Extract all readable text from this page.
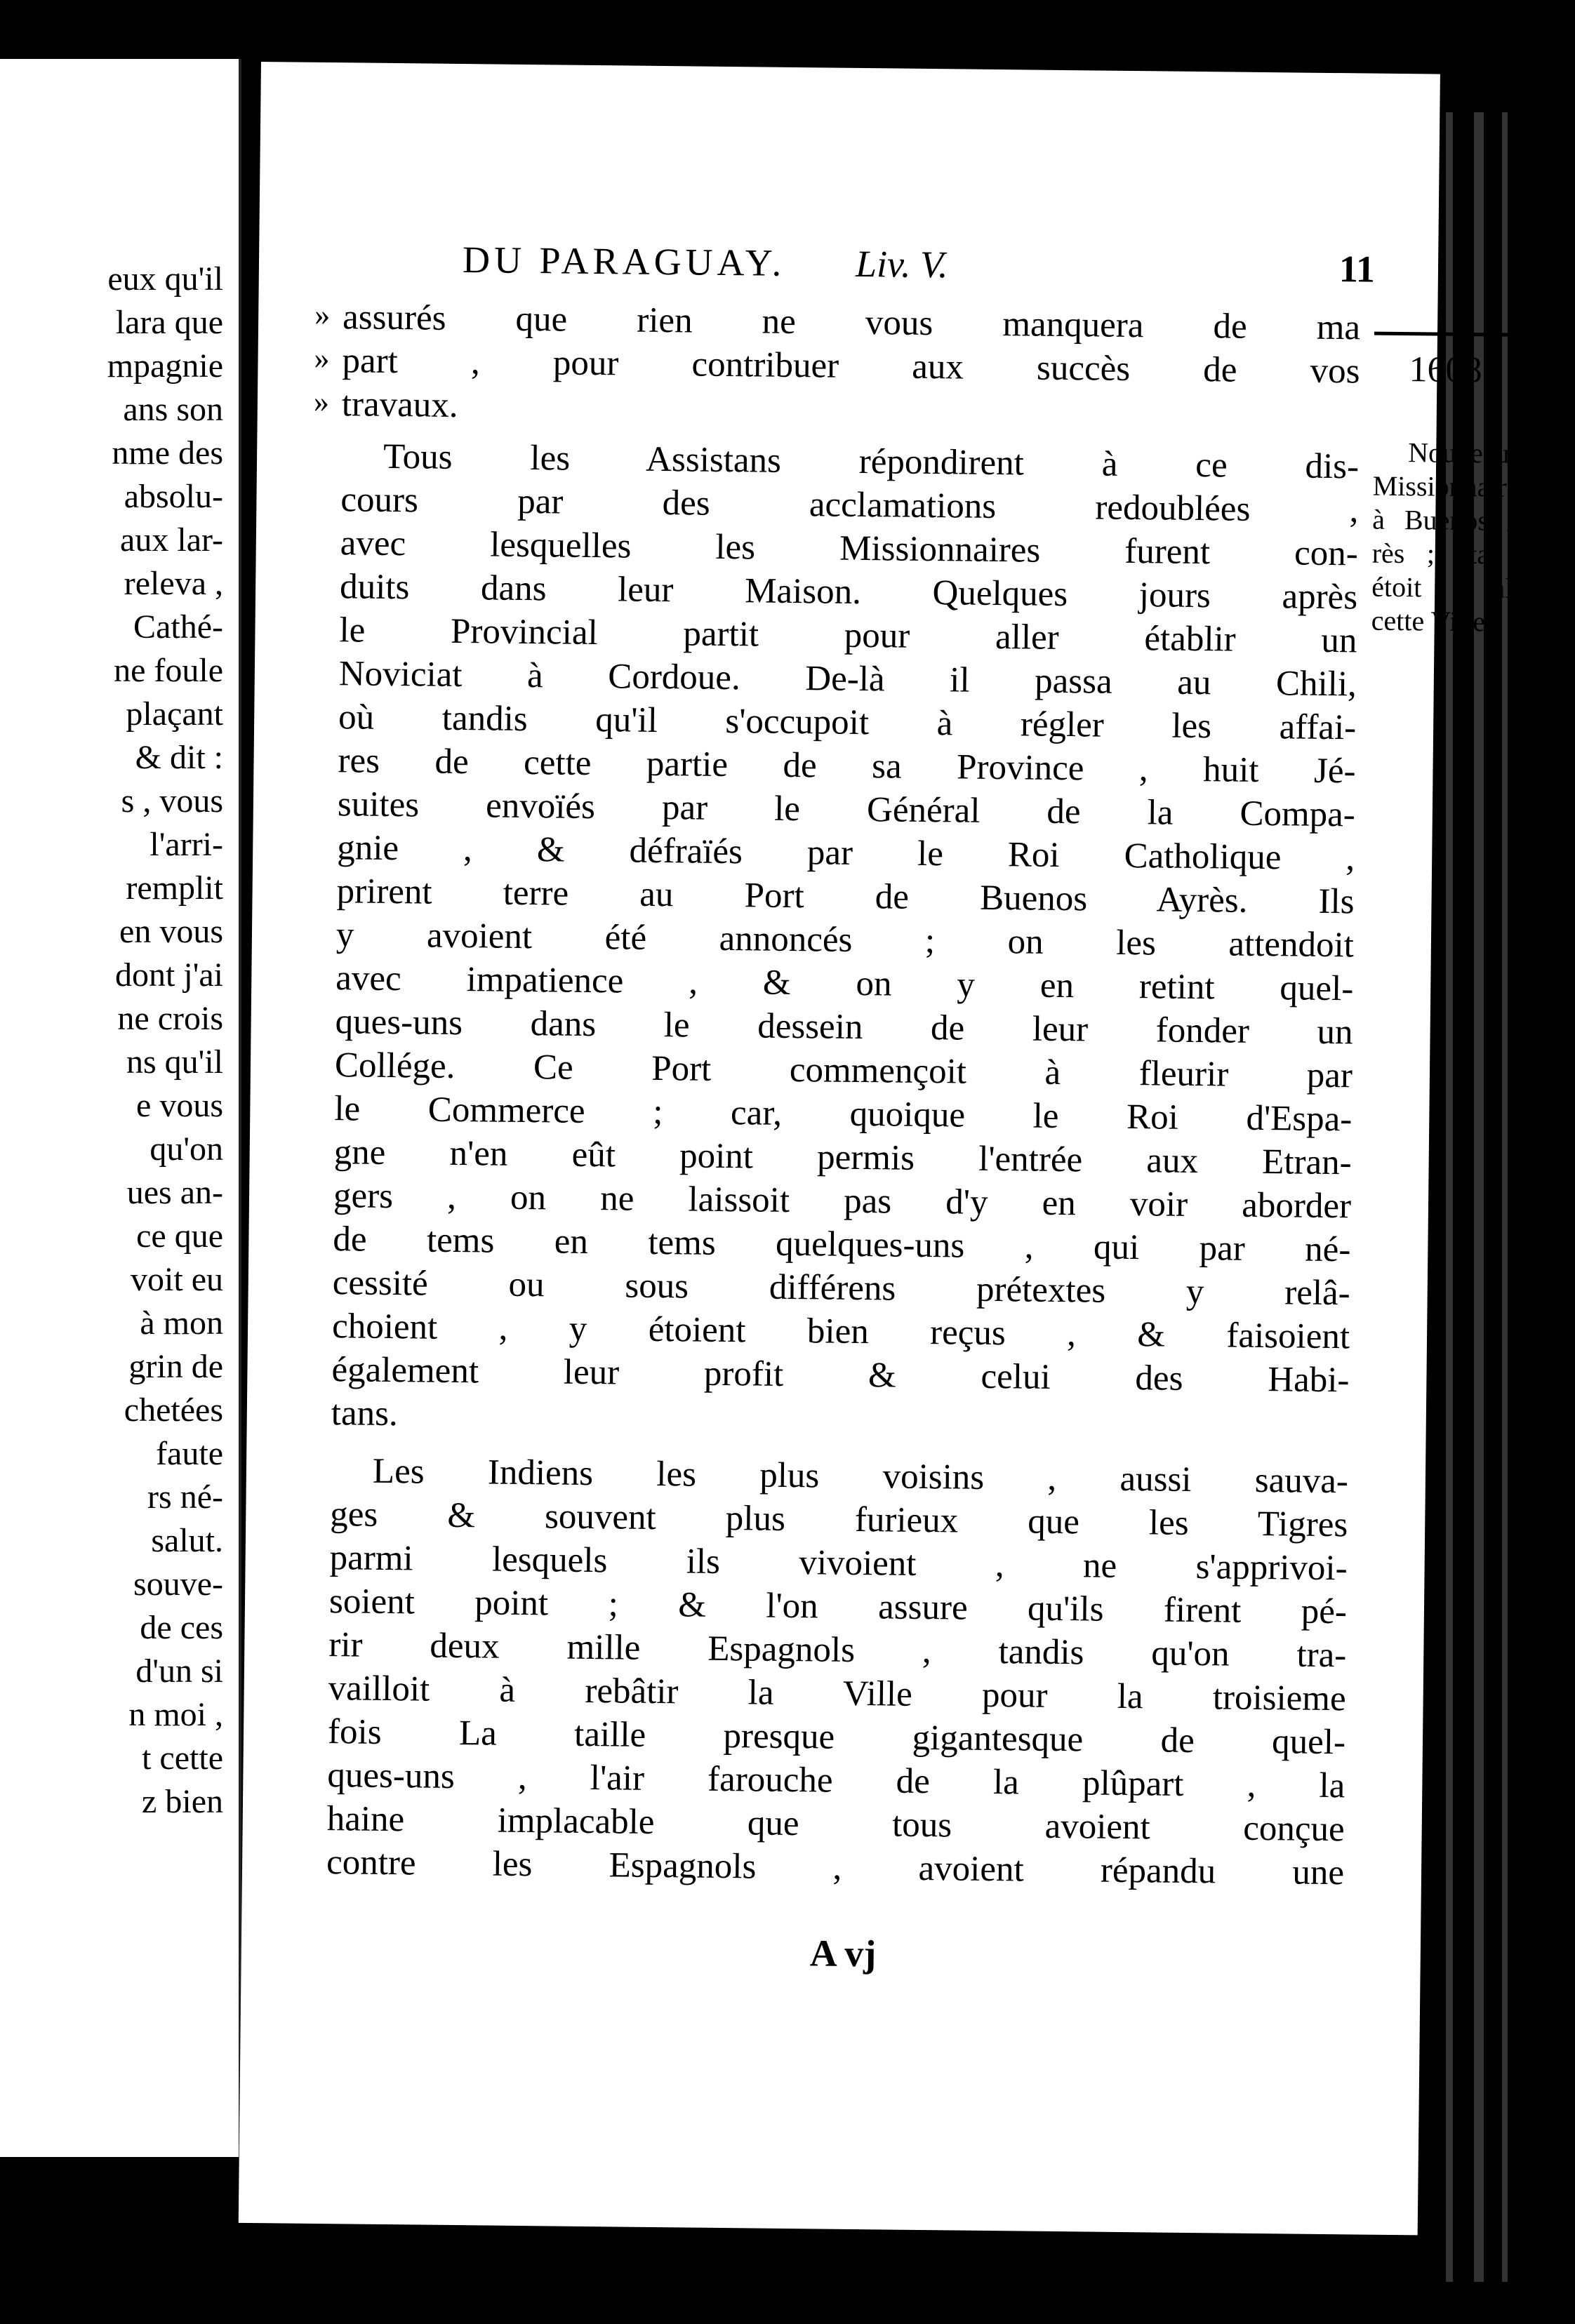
eux qu'il
lara que
mpagnie
ans son
nme des
absolu-
aux lar-
releva ,
Cathé-
ne foule
plaçant
& dit :
s , vous
l'arri-
remplit
en vous
dont j'ai
ne crois
ns qu'il
e vous
qu'on
ues an-
ce que
voit eu
à mon
grin de
chetées
faute
rs né-
salut.
souve-
de ces
d'un si
n moi ,
t cette
z bien
DU PARAGUAY. Liv. V.	11
»
»
»
assurés que rien ne vous manquera de ma
part , pour contribuer aux succès de vos
travaux.
Tous les Assistans répondirent à ce dis-
cours par des acclamations redoublées ,
avec lesquelles les Missionnaires furent con-
duits dans leur Maison. Quelques jours après
le Provincial partit pour aller établir un
Noviciat à Cordoue. De-là il passa au Chili,
où tandis qu'il s'occupoit à régler les affai-
res de cette partie de sa Province , huit Jé-
suites envoïés par le Général de la Compa-
gnie , & défraïés par le Roi Catholique ,
prirent terre au Port de Buenos Ayrès. Ils
y avoient été annoncés ; on les attendoit
avec impatience , & on y en retint quel-
ques-uns dans le dessein de leur fonder un
Collége. Ce Port commençoit à fleurir par
le Commerce ; car, quoique le Roi d'Espa-
gne n'en eût point permis l'entrée aux Etran-
gers , on ne laissoit pas d'y en voir aborder
de tems en tems quelques-uns , qui par né-
cessité ou sous différens prétextes y relâ-
choient , y étoient bien reçus , & faisoient
également leur profit & celui des Habi-
tans.
Les Indiens les plus voisins , aussi sauva-
ges & souvent plus furieux que les Tigres
parmi lesquels ils vivoient , ne s'apprivoi-
soient point ; & l'on assure qu'ils firent pé-
rir deux mille Espagnols , tandis qu'on tra-
vailloit à rebâtir la Ville pour la troisieme
fois La taille presque gigantesque de quel-
ques-uns , l'air farouche de la plûpart , la
haine implacable que tous avoient conçue
contre les Espagnols , avoient répandu une
1608.
Nouveaux
Missionnaires
à Buenos Ay-
rès ; état où
étoit alors
cette Ville.
A vj
